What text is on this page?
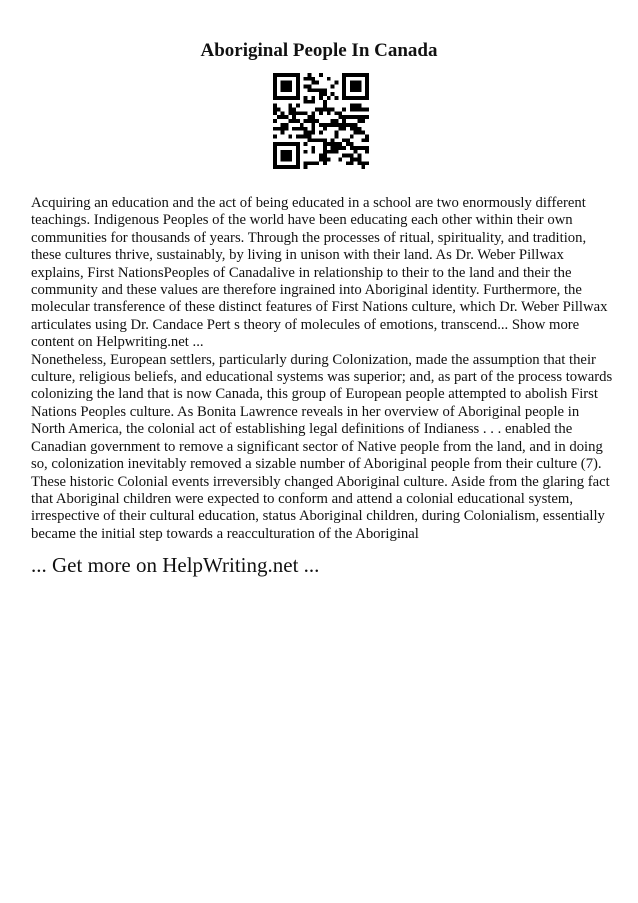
Aboriginal People In Canada

Acquiring an education and the act of being educated in a school are two enormously different teachings. Indigenous Peoples of the world have been educating each other within their own communities for thousands of years. Through the processes of ritual, spirituality, and tradition, these cultures thrive, sustainably, by living in unison with their land. As Dr. Weber Pillwax explains, First NationsPeoples of Canadalive in relationship to their to the land and their the community and these values are therefore ingrained into Aboriginal identity. Furthermore, the molecular transference of these distinct features of First Nations culture, which Dr. Weber Pillwax articulates using Dr. Candace Pert s theory of molecules of emotions, transcend... Show more content on Helpwriting.net ...

Nonetheless, European settlers, particularly during Colonization, made the assumption that their culture, religious beliefs, and educational systems was superior; and, as part of the process towards colonizing the land that is now Canada, this group of European people attempted to abolish First Nations Peoples culture. As Bonita Lawrence reveals in her overview of Aboriginal people in North America, the colonial act of establishing legal definitions of Indianess . . . enabled the Canadian government to remove a significant sector of Native people from the land, and in doing so, colonization inevitably removed a sizable number of Aboriginal people from their culture (7). These historic Colonial events irreversibly changed Aboriginal culture. Aside from the glaring fact that Aboriginal children were expected to conform and attend a colonial educational system, irrespective of their cultural education, status Aboriginal children, during Colonialism, essentially became the initial step towards a reacculturation of the Aboriginal

... Get more on HelpWriting.net ...
